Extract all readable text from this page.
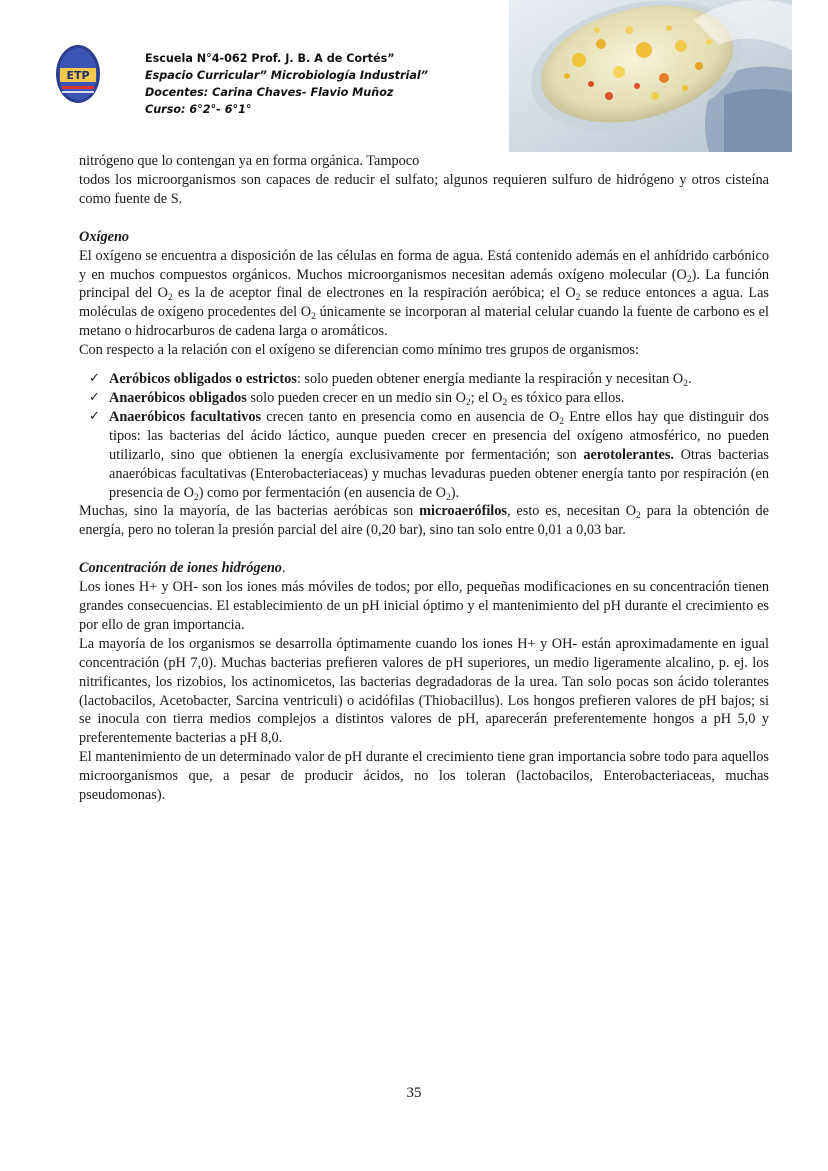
ETP
Escuela N°4-062 Prof. J. B. A de Cortés”
Espacio Curricular” Microbiología Industrial”
Docentes: Carina Chaves- Flavio Muñoz
Curso: 6°2°- 6°1°

nitrógeno que lo contengan ya en forma orgánica. Tampoco

todos los microorganismos son capaces de reducir el sulfato; algunos requieren sulfuro de hidrógeno y otros cisteína como fuente de S.

Oxígeno

El oxígeno se encuentra a disposición de las células en forma de agua. Está contenido además en el anhídrido carbónico y en muchos compuestos orgánicos. Muchos microorganismos necesitan además oxígeno molecular $(O_2)$. La función principal del $O_2$ es la de aceptor final de electrones en la respiración aeróbica; el $O_2$ se reduce entonces a agua. Las moléculas de oxígeno procedentes del $O_2$ únicamente se incorporan al material celular cuando la fuente de carbono es el metano o hidrocarburos de cadena larga o aromáticos.

Con respecto a la relación con el oxígeno se diferencian como mínimo tres grupos de organismos:

✓ Aeróbicos obligados o estrictos: solo pueden obtener energía mediante la respiración y necesitan $O_2$.
✓ Anaeróbicos obligados solo pueden crecer en un medio $\sin O_2$; el $O_2$ es tóxico para ellos.
✓ Anaeróbicos facultativos crecen tanto en presencia como en ausencia de $O_2$ Entre ellos hay que distinguir dos tipos: las bacterias del ácido láctico, aunque pueden crecer en presencia del oxígeno atmosférico, no pueden utilizarlo, sino que obtienen la energía exclusivamente por fermentación; son aerotolerantes. Otras bacterias anaeróbicas facultativas (Enterobacteriaceas) y muchas levaduras pueden obtener energía tanto por respiración (en presencia de $O_2$) como por fermentación (en ausencia de $O_2$).

Muchas, sino la mayoría, de las bacterias aeróbicas son microaerófilos, esto es, necesitan $O_2$ para la obtención de energía, pero no toleran la presión parcial del aire (0,20 bar), sino tan solo entre 0,01 a 0,03 bar.

Concentración de iones hidrógeno.

Los iones H+ y OH- son los iones más móviles de todos; por ello, pequeñas modificaciones en su concentración tienen grandes consecuencias. El establecimiento de un pH inicial óptimo y el mantenimiento del pH durante el crecimiento es por ello de gran importancia.

La mayoría de los organismos se desarrolla óptimamente cuando los iones H+ y OH- están aproximadamente en igual concentración (pH 7,0). Muchas bacterias prefieren valores de pH superiores, un medio ligeramente alcalino, p. ej. los nitrificantes, los rizobios, los actinomicetos, las bacterias degradadoras de la urea. Tan solo pocas son ácido tolerantes (lactobacilos, Acetobacter, Sarcina ventriculi) o acidófilas (Thiobacillus). Los hongos prefieren valores de pH bajos; si se inocula con tierra medios complejos a distintos valores de pH, aparecerán preferentemente hongos a pH 5,0 y preferentemente bacterias a pH 8,0.

El mantenimiento de un determinado valor de pH durante el crecimiento tiene gran importancia sobre todo para aquellos microorganismos que, a pesar de producir ácidos, no los toleran (lactobacilos, Enterobacteriaceas, muchas pseudomonas).

35
